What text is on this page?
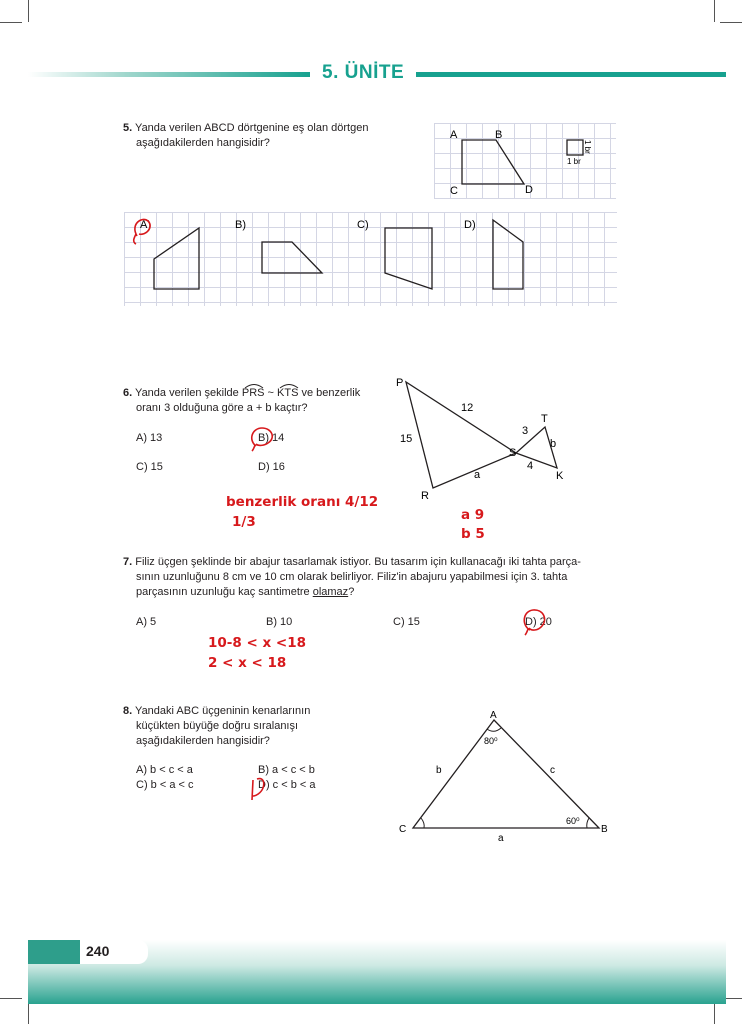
5. ÜNİTE
5. Yanda verilen ABCD dörtgenine eş olan dörtgen
aşağıdakilerden hangisidir?
A	B
C	D
1 br
1 br
A)	B)	C)	D)
6. Yanda verilen şekilde PRS
~ KTS
ve benzerlik
oranı 3 olduğuna göre a + b kaçtır?
A) 13	B) 14
C) 15	D) 16
P
T
S
R
K
12
3
15	b
4
a
benzerlik oranı 4/12
1/3	a 9
b 5
7. Filiz üçgen şeklinde bir abajur tasarlamak istiyor. Bu tasarım için kullanacağı iki tahta parça-
sının uzunluğunu 8 cm ve 10 cm olarak belirliyor. Filiz'in abajuru yapabilmesi için 3. tahta
parçasının uzunluğu kaç santimetre olamaz?
A) 5	B) 10	C) 15	D) 20
10-8 < x <18
2 < x < 18
8. Yandaki ABC üçgeninin kenarlarının
küçükten büyüğe doğru sıralanışı
aşağıdakilerden hangisidir?
A) b < c < a	B) a < c < b
C) b < a < c	D) c < b < a
A
C	B
b	c
a
80⁰
60⁰
240
